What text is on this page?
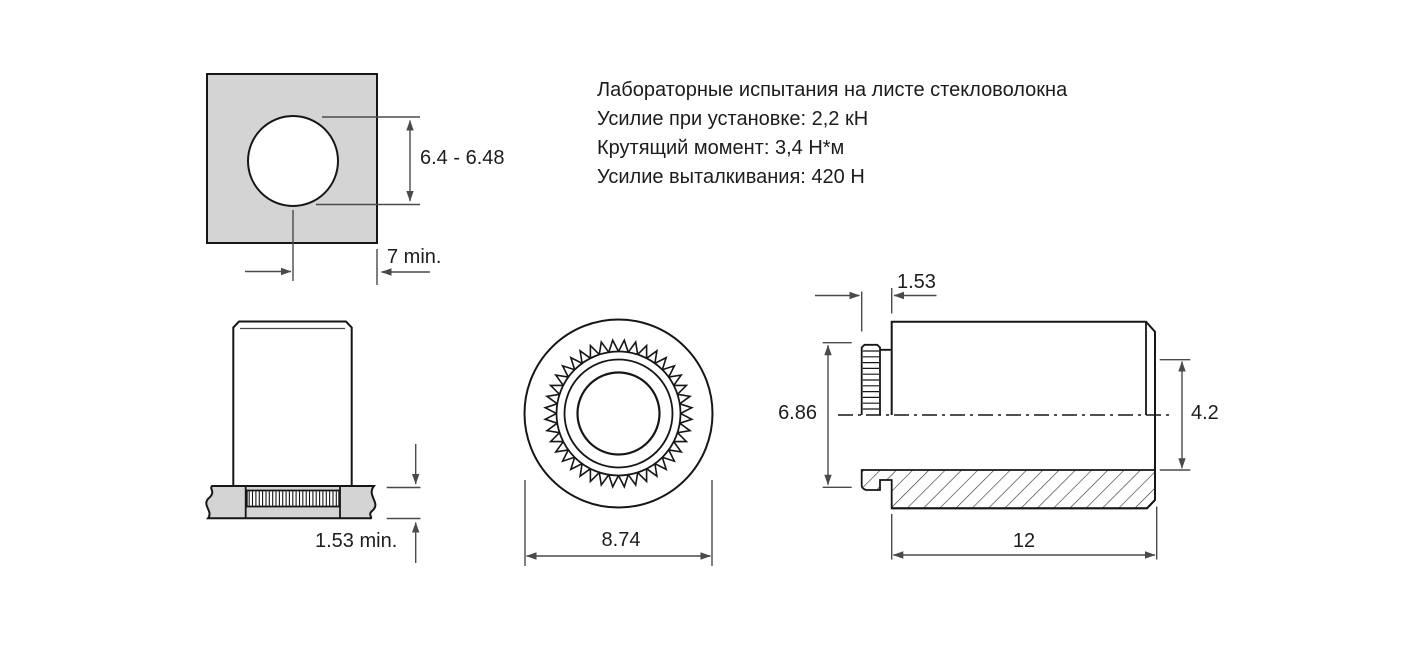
6.4 - 6.48
7 min.
Лабораторные испытания на листе стекловолокна
Усилие при установке: 2,2 кН
Крутящий момент: 3,4 Н*м
Усилие выталкивания: 420 Н
1.53 min.	8.74
1.53
6.86	4.2
12
